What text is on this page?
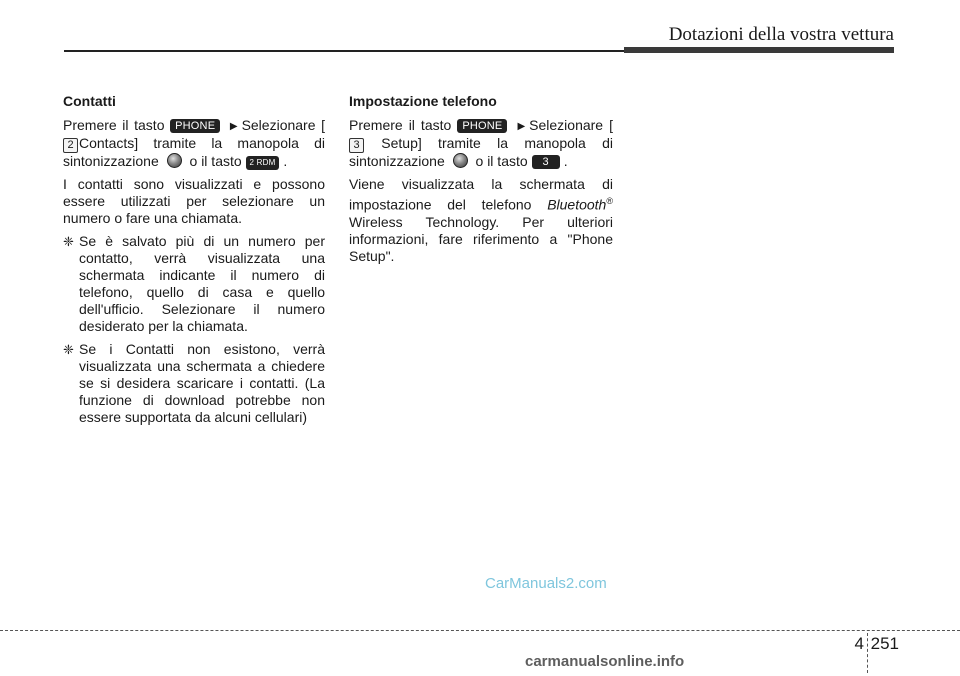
Dotazioni della vostra vettura
Contatti

Premere il tasto PHONE ▶ Selezionare [2 Contacts] tramite la manopola di sintonizzazione o il tasto 2 RDM .

I contatti sono visualizzati e possono essere utilizzati per selezionare un numero o fare una chiamata.

❈ Se è salvato più di un numero per contatto, verrà visualizzata una schermata indicante il numero di telefono, quello di casa e quello dell'ufficio. Selezionare il numero desiderato per la chiamata.
❈ Se i Contatti non esistono, verrà visualizzata una schermata a chiedere se si desidera scaricare i contatti. (La funzione di download potrebbe non essere supportata da alcuni cellulari)
Impostazione telefono

Premere il tasto PHONE ▶ Selezionare [3 Setup] tramite la manopola di sintonizzazione o il tasto 3 .

Viene visualizzata la schermata di impostazione del telefono Bluetooth® Wireless Technology. Per ulteriori informazioni, fare riferimento a "Phone Setup".

CarManuals2.com
4 251
carmanualsonline.info
